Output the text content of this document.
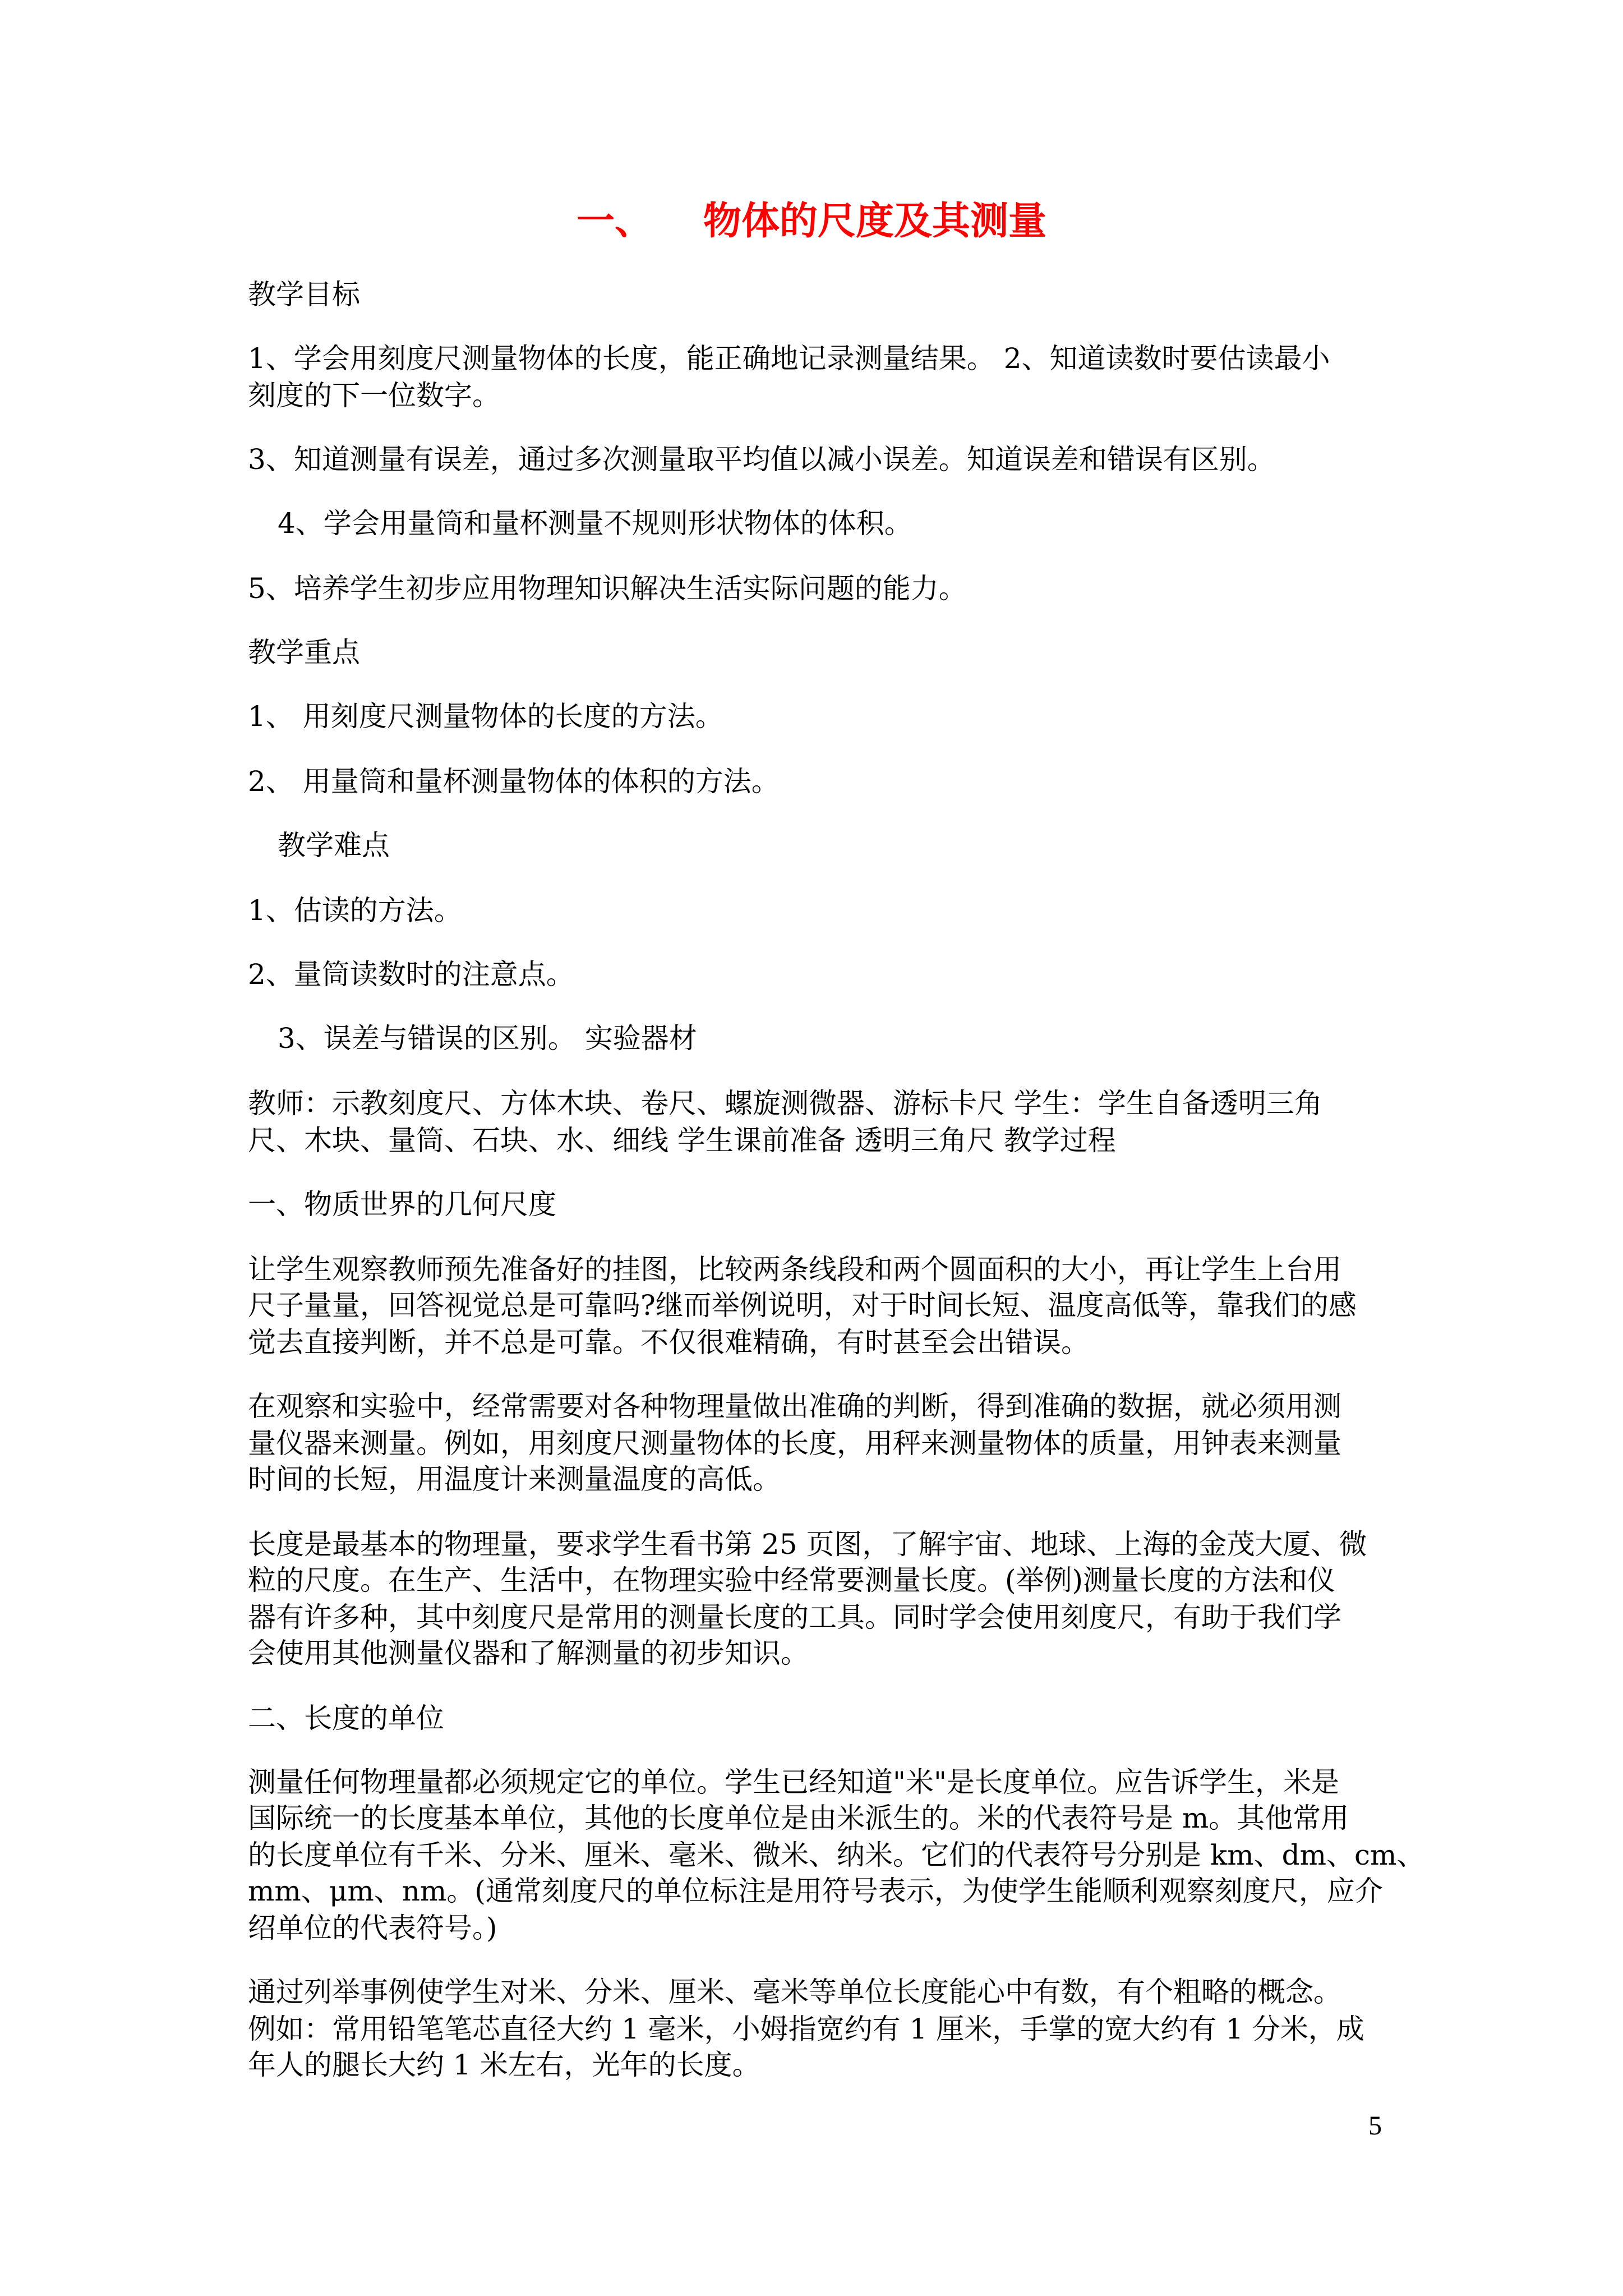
一、 物体的尺度及其测量
教学目标
1、学会用刻度尺测量物体的长度，能正确地记录测量结果。 2、知道读数时要估读最小
刻度的下一位数字。
3、知道测量有误差，通过多次测量取平均值以减小误差。知道误差和错误有区别。
4、学会用量筒和量杯测量不规则形状物体的体积。
5、培养学生初步应用物理知识解决生活实际问题的能力。
教学重点
1、 用刻度尺测量物体的长度的方法。
2、 用量筒和量杯测量物体的体积的方法。
教学难点
1、估读的方法。
2、量筒读数时的注意点。
3、误差与错误的区别。 实验器材
教师：示教刻度尺、方体木块、卷尺、螺旋测微器、游标卡尺 学生：学生自备透明三角
尺、木块、量筒、石块、水、细线 学生课前准备 透明三角尺 教学过程
一、物质世界的几何尺度
让学生观察教师预先准备好的挂图，比较两条线段和两个圆面积的大小，再让学生上台用
尺子量量，回答视觉总是可靠吗?继而举例说明，对于时间长短、温度高低等，靠我们的感
觉去直接判断，并不总是可靠。不仅很难精确，有时甚至会出错误。
在观察和实验中，经常需要对各种物理量做出准确的判断，得到准确的数据，就必须用测
量仪器来测量。例如，用刻度尺测量物体的长度，用秤来测量物体的质量，用钟表来测量
时间的长短，用温度计来测量温度的高低。
长度是最基本的物理量，要求学生看书第 25 页图，了解宇宙、地球、上海的金茂大厦、微
粒的尺度。在生产、生活中，在物理实验中经常要测量长度。(举例)测量长度的方法和仪
器有许多种，其中刻度尺是常用的测量长度的工具。同时学会使用刻度尺，有助于我们学
会使用其他测量仪器和了解测量的初步知识。
二、长度的单位
测量任何物理量都必须规定它的单位。学生已经知道"米"是长度单位。应告诉学生，米是
国际统一的长度基本单位，其他的长度单位是由米派生的。米的代表符号是 m。其他常用
的长度单位有千米、分米、厘米、毫米、微米、纳米。它们的代表符号分别是 km、dm、cm、
mm、μm、nm。(通常刻度尺的单位标注是用符号表示，为使学生能顺利观察刻度尺，应介
绍单位的代表符号。)
通过列举事例使学生对米、分米、厘米、毫米等单位长度能心中有数，有个粗略的概念。
例如：常用铅笔笔芯直径大约 1 毫米，小姆指宽约有 1 厘米，手掌的宽大约有 1 分米，成
年人的腿长大约 1 米左右，光年的长度。
5
